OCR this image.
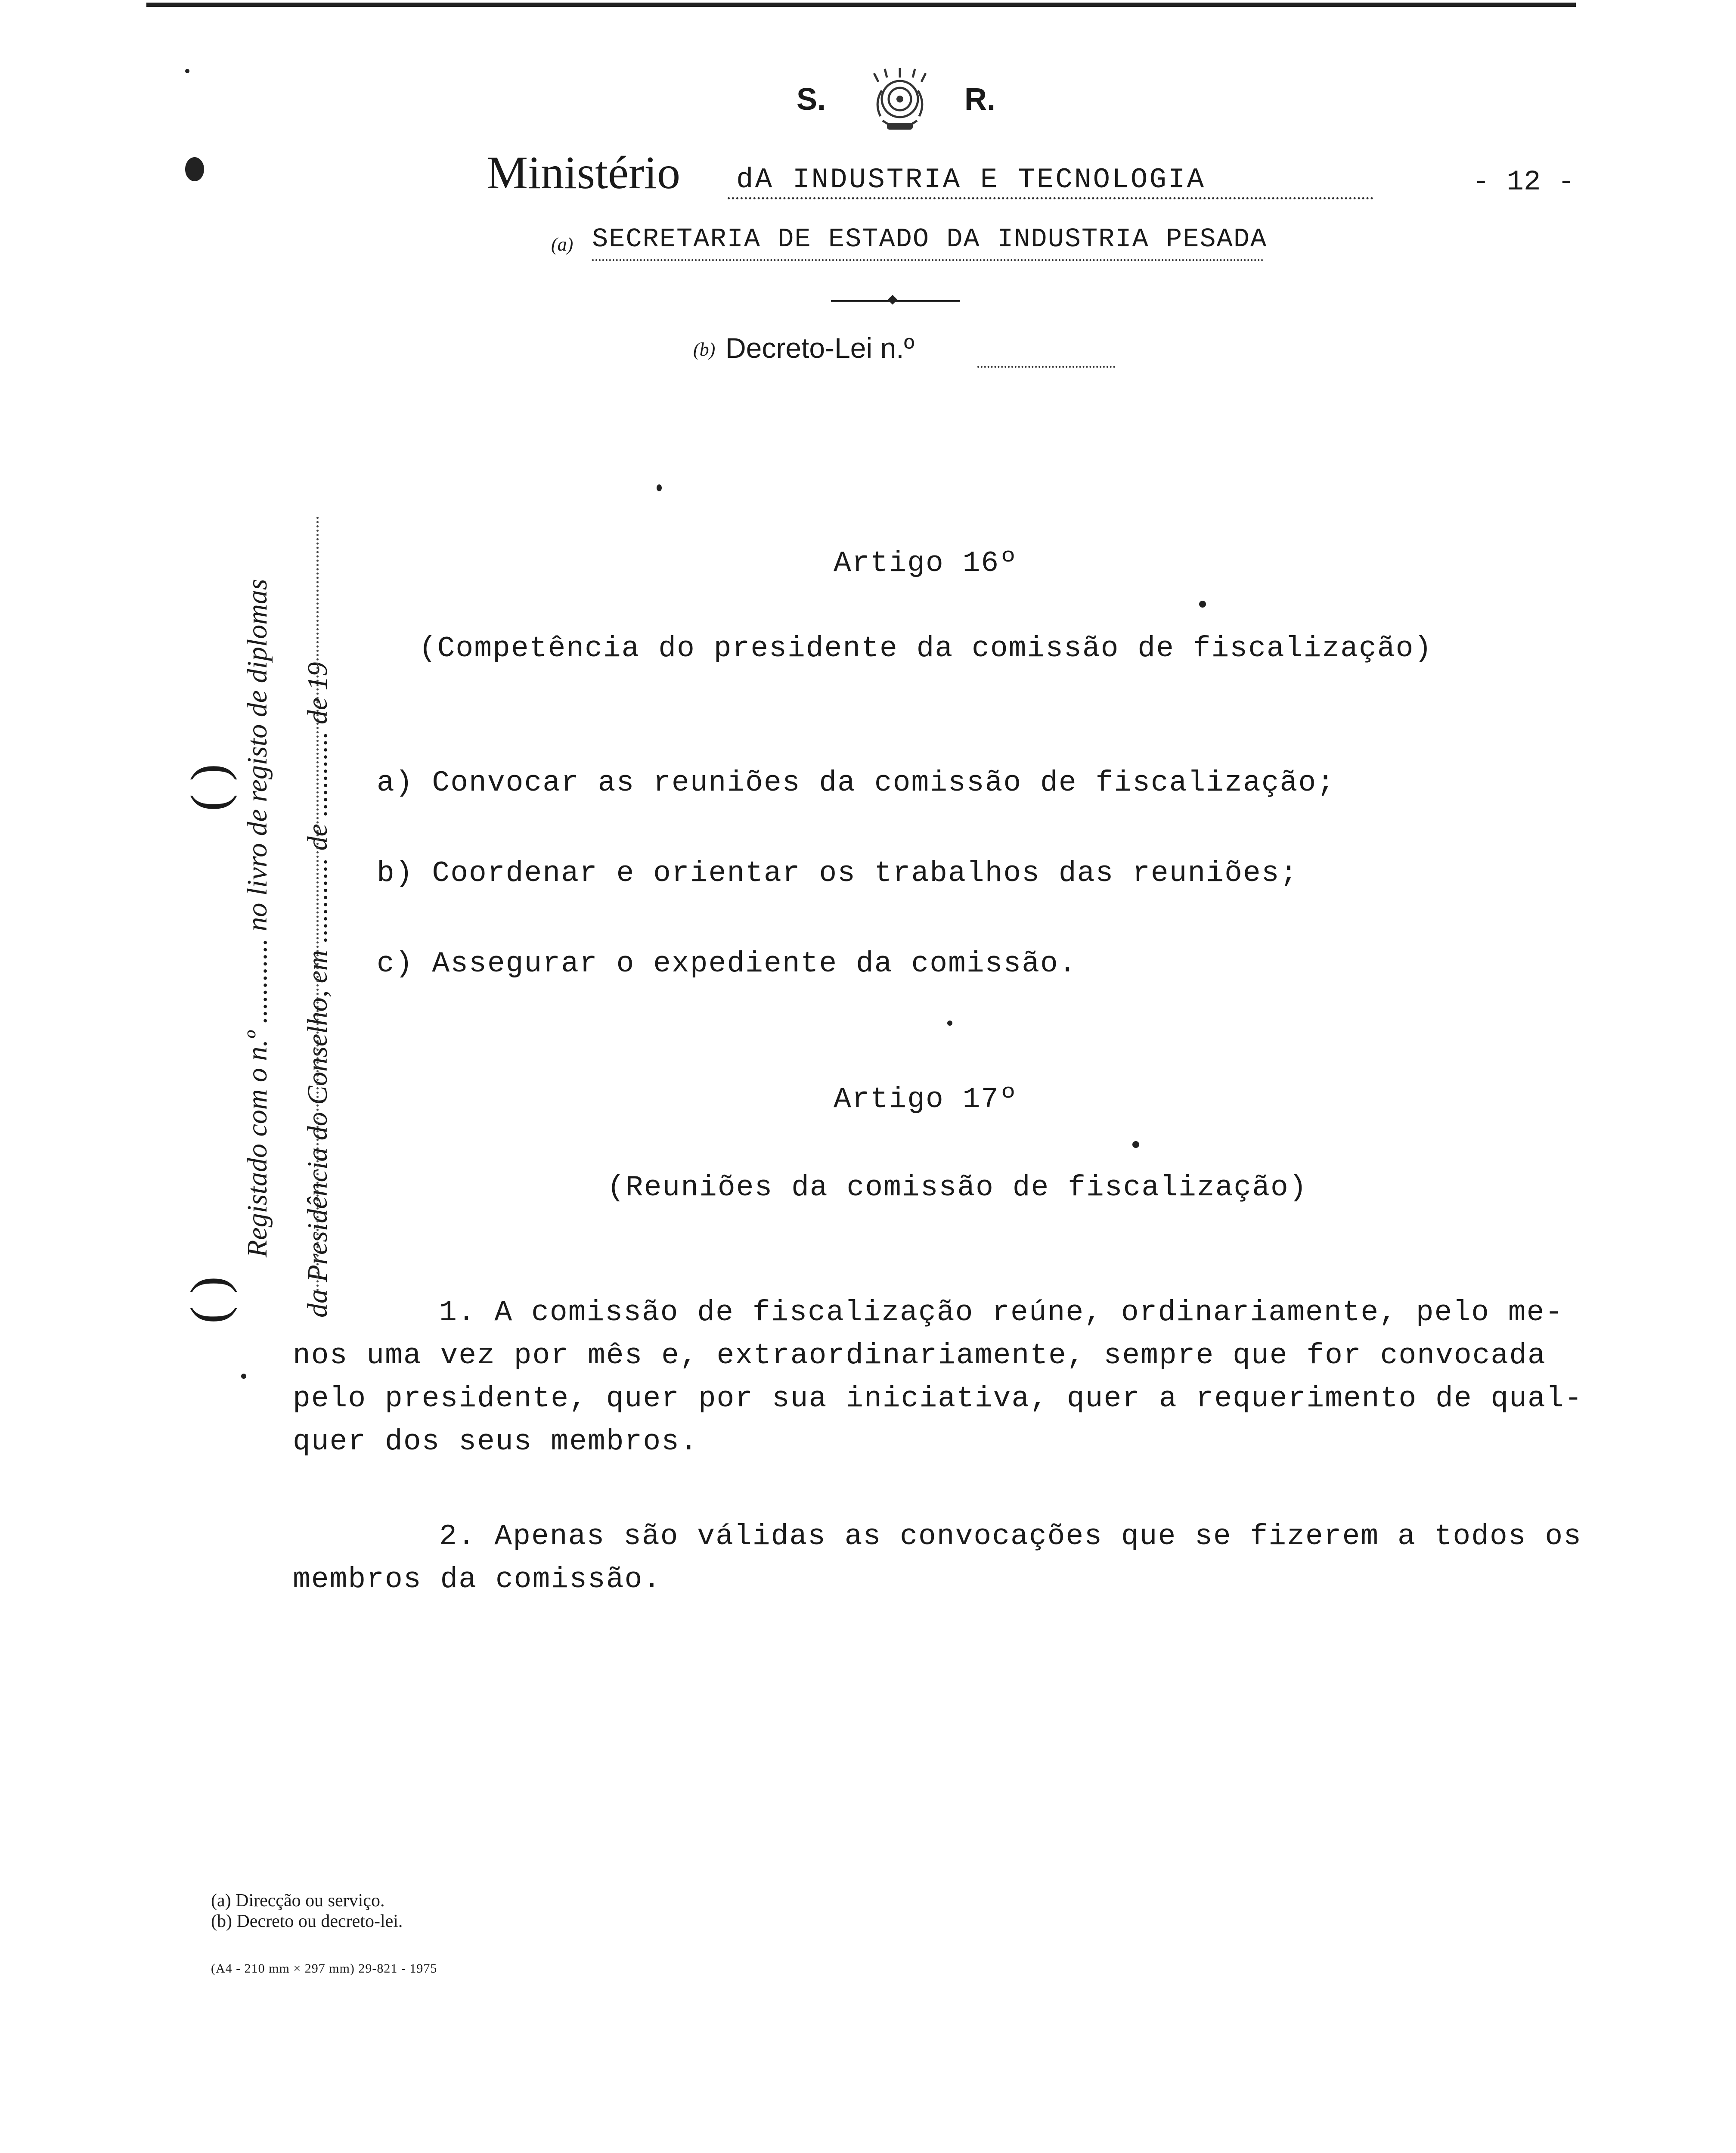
S.	R.
Ministério dA INDUSTRIA E TECNOLOGIA	- 12 -
(a) SECRETARIA DE ESTADO DA INDUSTRIA PESADA
(b) Decreto-Lei n.º
Registado com o n.º ............ no livro de registo de diplomas da Presidência do Conselho, em ............ de ............ de 19
( )
( )
Artigo 16º
(Competência do presidente da comissão de fiscalização)
a) Convocar as reuniões da comissão de fiscalização;
b) Coordenar e orientar os trabalhos das reuniões;
c) Assegurar o expediente da comissão.
Artigo 17º
(Reuniões da comissão de fiscalização)
1. A comissão de fiscalização reúne, ordinariamente, pelo me-
nos uma vez por mês e, extraordinariamente, sempre que for convocada
pelo presidente, quer por sua iniciativa, quer a requerimento de qual-
quer dos seus membros.
2. Apenas são válidas as convocações que se fizerem a todos os
membros da comissão.
(a) Direcção ou serviço.
(b) Decreto ou decreto-lei.
(A4 - 210 mm × 297 mm) 29-821 - 1975
